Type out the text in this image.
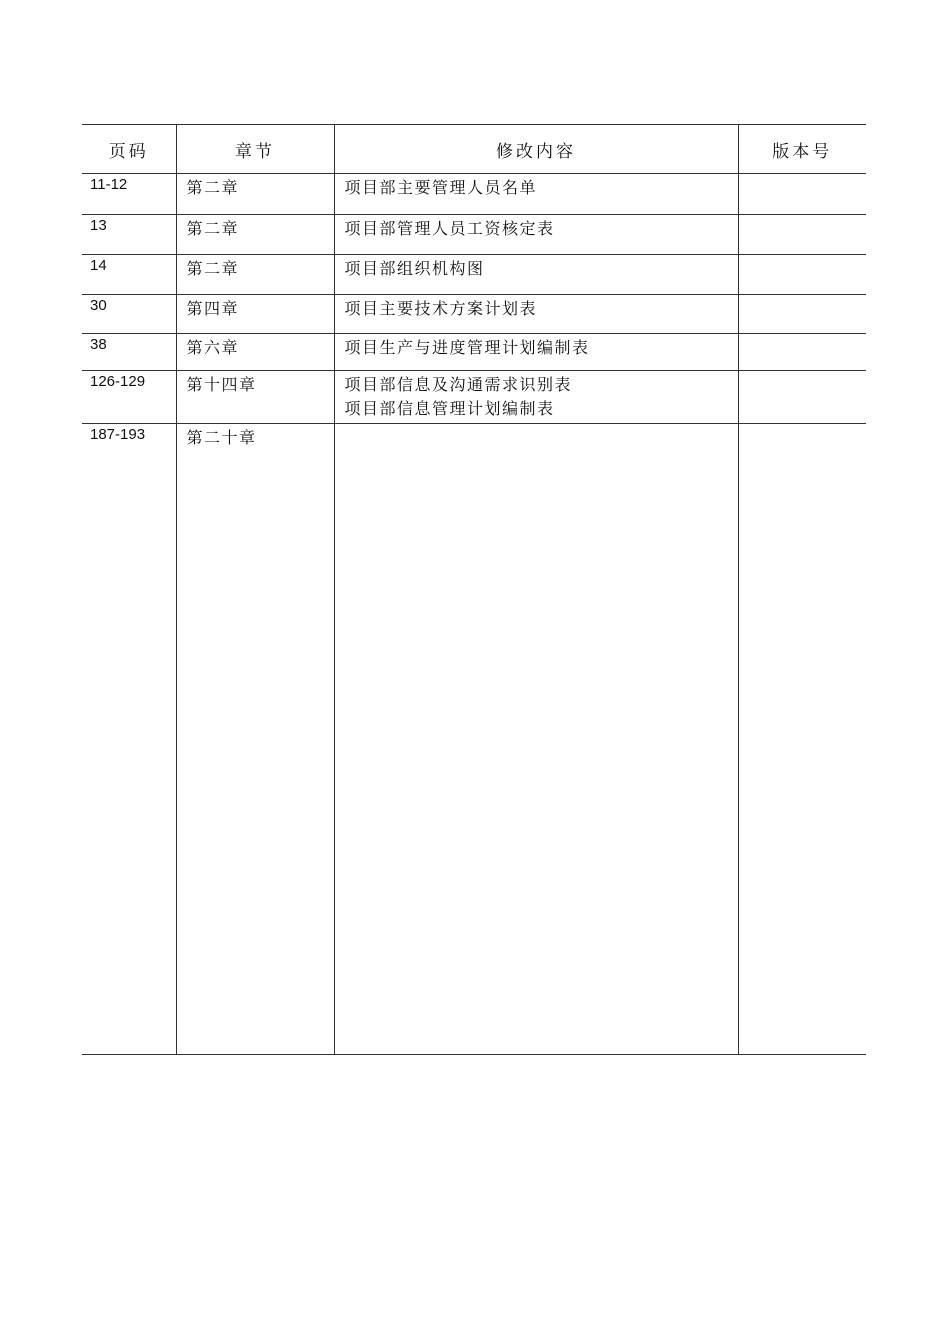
页码	章节	修改内容	版本号
11-12	第二章	项目部主要管理人员名单	

13	第二章	项目部管理人员工资核定表	

14	第二章	项目部组织机构图	

30	第四章	项目主要技术方案计划表	

38	第六章	项目生产与进度管理计划编制表	

126-129	第十四章	项目部信息及沟通需求识别表
项目部信息管理计划编制表	

187-193	第二十章		
